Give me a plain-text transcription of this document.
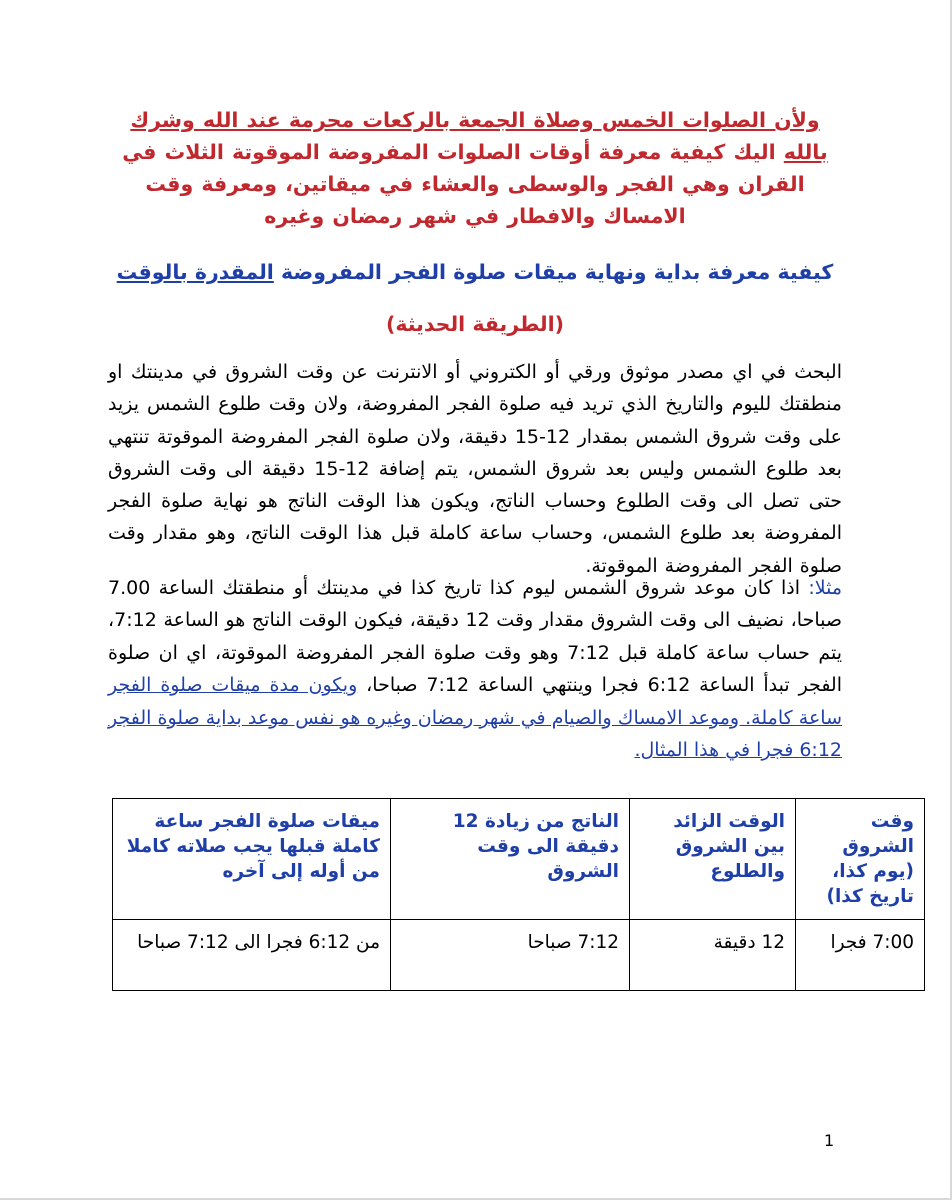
ولأن الصلوات الخمس وصلاة الجمعة بالركعات محرمة عند الله وشرك بالله اليك كيفية معرفة أوقات الصلوات المفروضة الموقوتة الثلاث في القران وهي الفجر والوسطى والعشاء في ميقاتين، ومعرفة وقت الامساك والافطار في شهر رمضان وغيره
كيفية معرفة بداية ونهاية ميقات صلوة الفجر المفروضة المقدرة بالوقت
(الطريقة الحديثة)
البحث في اي مصدر موثوق ورقي أو الكتروني أو الانترنت عن وقت الشروق في مدينتك او منطقتك لليوم والتاريخ الذي تريد فيه صلوة الفجر المفروضة، ولان وقت طلوع الشمس يزيد على وقت شروق الشمس بمقدار 12-15 دقيقة، ولان صلوة الفجر المفروضة الموقوتة تنتهي بعد طلوع الشمس وليس بعد شروق الشمس، يتم إضافة 12-15 دقيقة الى وقت الشروق حتى تصل الى وقت الطلوع وحساب الناتج، ويكون هذا الوقت الناتج هو نهاية صلوة الفجر المفروضة بعد طلوع الشمس، وحساب ساعة كاملة قبل هذا الوقت الناتج، وهو مقدار وقت صلوة الفجر المفروضة الموقوتة.
مثلا: اذا كان موعد شروق الشمس ليوم كذا تاريخ كذا في مدينتك أو منطقتك الساعة 7.00 صباحا، نضيف الى وقت الشروق مقدار وقت 12 دقيقة، فيكون الوقت الناتج هو الساعة 7:12، يتم حساب ساعة كاملة قبل 7:12 وهو وقت صلوة الفجر المفروضة الموقوتة، اي ان صلوة الفجر تبدأ الساعة 6:12 فجرا وينتهي الساعة 7:12 صباحا، ويكون مدة ميقات صلوة الفجر ساعة كاملة. وموعد الامساك والصيام في شهر رمضان وغيره هو نفس موعد بداية صلوة الفجر 6:12 فجرا في هذا المثال.
وقت الشروق (يوم كذا، تاريخ كذا)	الوقت الزائد بين الشروق والطلوع	الناتج من زيادة 12 دقيقة الى وقت الشروق	ميقات صلوة الفجر ساعة كاملة قبلها يجب صلاته كاملا من أوله إلى آخره
7:00 فجرا	12 دقيقة	7:12 صباحا	من 6:12 فجرا الى 7:12 صباحا
1
